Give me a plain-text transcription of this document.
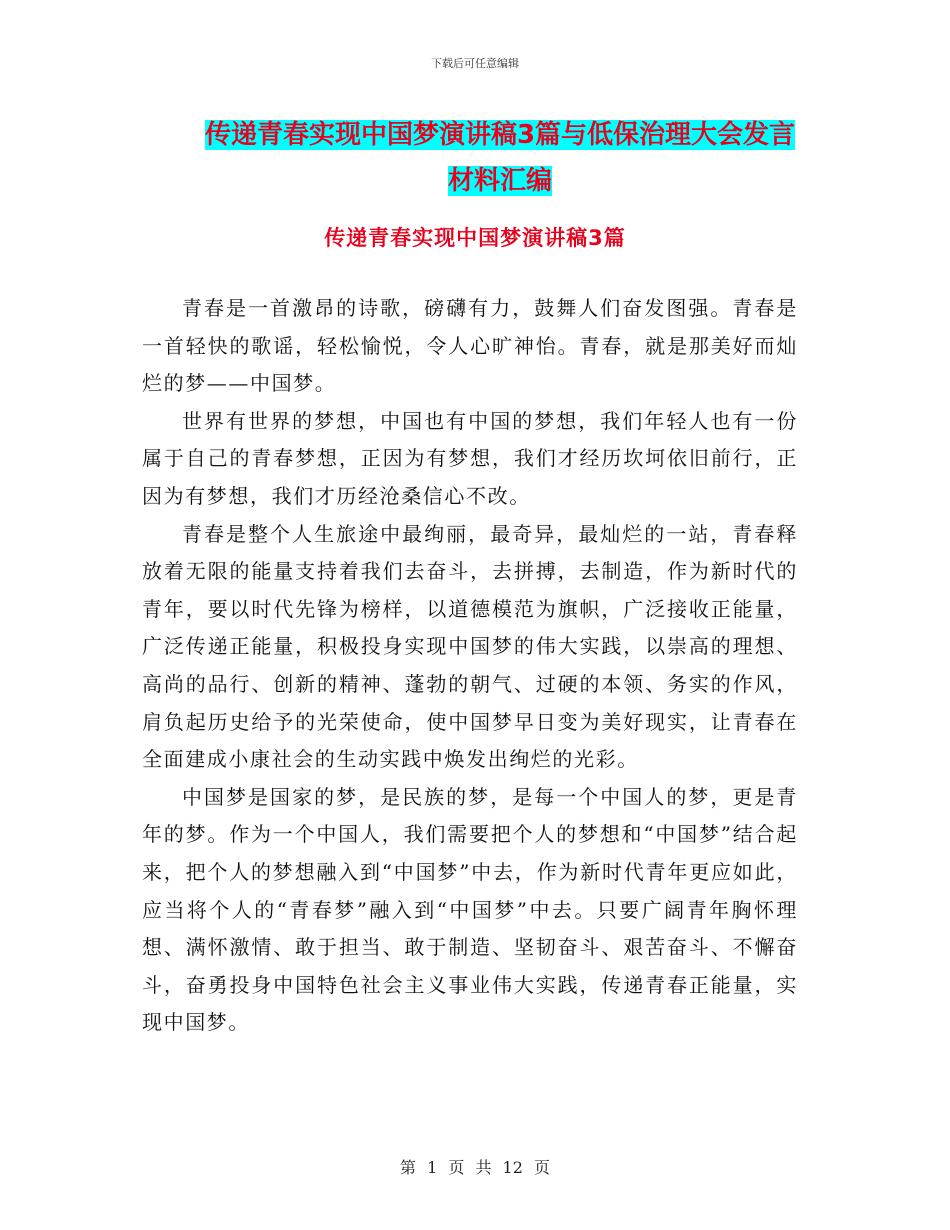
下载后可任意编辑
传递青春实现中国梦演讲稿3篇与低保治理大会发言
材料汇编
传递青春实现中国梦演讲稿3篇

青春是一首激昂的诗歌，磅礴有力，鼓舞人们奋发图强。青春是一首轻快的歌谣，轻松愉悦，令人心旷神怡。青春，就是那美好而灿烂的梦——中国梦。

世界有世界的梦想，中国也有中国的梦想，我们年轻人也有一份属于自己的青春梦想，正因为有梦想，我们才经历坎坷依旧前行，正因为有梦想，我们才历经沧桑信心不改。

青春是整个人生旅途中最绚丽，最奇异，最灿烂的一站，青春释放着无限的能量支持着我们去奋斗，去拼搏，去制造，作为新时代的青年，要以时代先锋为榜样，以道德模范为旗帜，广泛接收正能量，广泛传递正能量，积极投身实现中国梦的伟大实践，以崇高的理想、高尚的品行、创新的精神、蓬勃的朝气、过硬的本领、务实的作风，肩负起历史给予的光荣使命，使中国梦早日变为美好现实，让青春在全面建成小康社会的生动实践中焕发出绚烂的光彩。

中国梦是国家的梦，是民族的梦，是每一个中国人的梦，更是青年的梦。作为一个中国人，我们需要把个人的梦想和“中国梦”结合起来，把个人的梦想融入到“中国梦”中去，作为新时代青年更应如此，应当将个人的“青春梦”融入到“中国梦”中去。只要广阔青年胸怀理想、满怀激情、敢于担当、敢于制造、坚韧奋斗、艰苦奋斗、不懈奋斗，奋勇投身中国特色社会主义事业伟大实践，传递青春正能量，实现中国梦。

第 1 页 共 12 页
